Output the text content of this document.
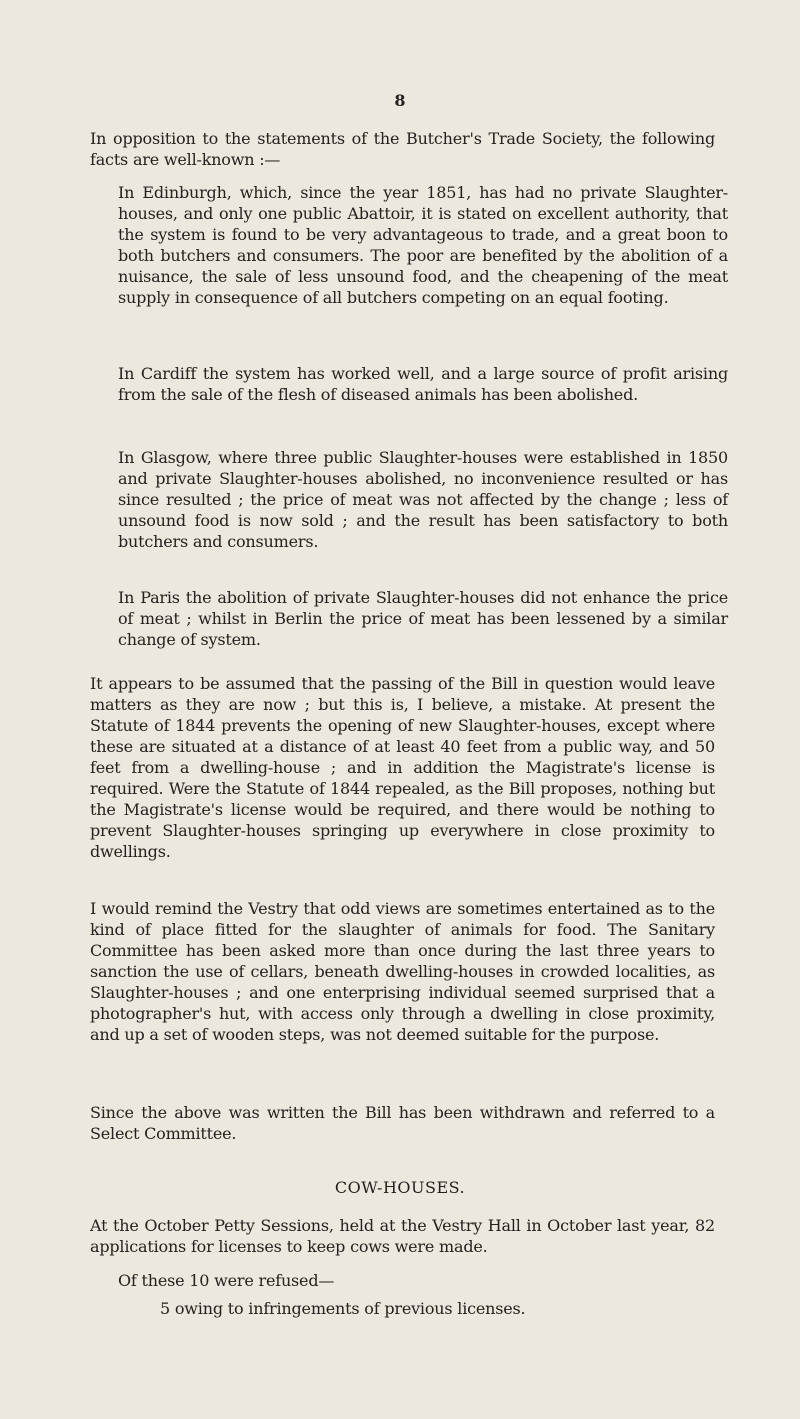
8

In opposition to the statements of the Butcher's Trade Society, the following facts are well-known :—

In Edinburgh, which, since the year 1851, has had no private Slaughter-houses, and only one public Abattoir, it is stated on excellent authority, that the system is found to be very advantageous to trade, and a great boon to both butchers and consumers. The poor are benefited by the abolition of a nuisance, the sale of less unsound food, and the cheapening of the meat supply in consequence of all butchers competing on an equal footing.

In Cardiff the system has worked well, and a large source of profit arising from the sale of the flesh of diseased animals has been abolished.

In Glasgow, where three public Slaughter-houses were established in 1850 and private Slaughter-houses abolished, no inconvenience resulted or has since resulted ; the price of meat was not affected by the change ; less of unsound food is now sold ; and the result has been satisfactory to both butchers and consumers.

In Paris the abolition of private Slaughter-houses did not enhance the price of meat ; whilst in Berlin the price of meat has been lessened by a similar change of system.

It appears to be assumed that the passing of the Bill in question would leave matters as they are now ; but this is, I believe, a mistake. At present the Statute of 1844 prevents the opening of new Slaughter-houses, except where these are situated at a distance of at least 40 feet from a public way, and 50 feet from a dwelling-house ; and in addition the Magistrate's license is required. Were the Statute of 1844 repealed, as the Bill proposes, nothing but the Magistrate's license would be required, and there would be nothing to prevent Slaughter-houses springing up everywhere in close proximity to dwellings.

I would remind the Vestry that odd views are sometimes entertained as to the kind of place fitted for the slaughter of animals for food. The Sanitary Committee has been asked more than once during the last three years to sanction the use of cellars, beneath dwelling-houses in crowded localities, as Slaughter-houses ; and one enterprising individual seemed surprised that a photographer's hut, with access only through a dwelling in close proximity, and up a set of wooden steps, was not deemed suitable for the purpose.

Since the above was written the Bill has been withdrawn and referred to a Select Committee.

COW-HOUSES.

At the October Petty Sessions, held at the Vestry Hall in October last year, 82 applications for licenses to keep cows were made.

Of these 10 were refused—

5 owing to infringements of previous licenses.
